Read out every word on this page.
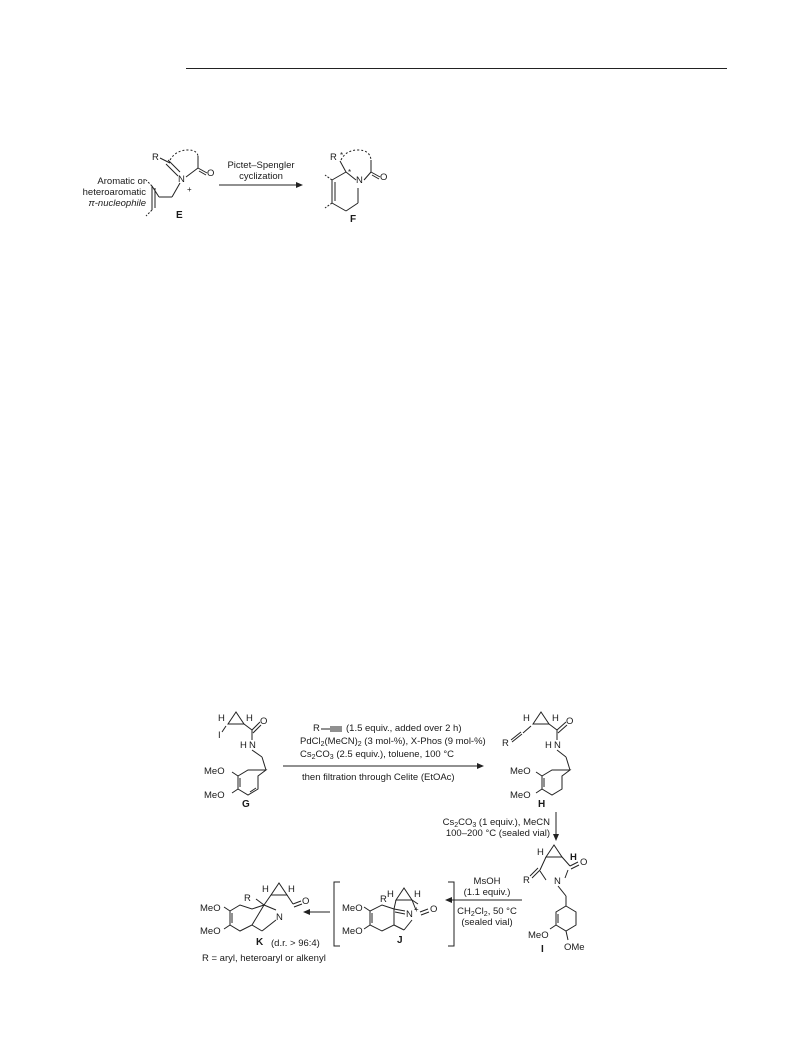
Aromatic or
heteroaromatic
π-nucleophile
R
N
+
O
E
Pictet–Spengler
cyclization
R *
*
N O
F
H H
I
O
H N
MeO
MeO
G
R	(1.5 equiv., added over 2 h)
$PdCl_2(MeCN)_2$ (3 mol-%), X-Phos (9 mol-%)
$Cs_2CO_3$ (2.5 equiv.), toluene, 100 °C
then filtration through Celite (EtOAc)
H H O
R	H N
MeO
MeO
H
$Cs_2CO_3$ (1 equiv.), MeCN
100–200 °C (sealed vial)
H	H O
R	N
MeO
OMe
I
MsOH
(1.1 equiv.)
$CH_2Cl_2$, 50 °C
(sealed vial)
H H
R
N + O
MeO
MeO
J
H H
R
N
O
MeO
MeO
K (d.r. > 96:4)
R = aryl, heteroaryl or alkenyl
